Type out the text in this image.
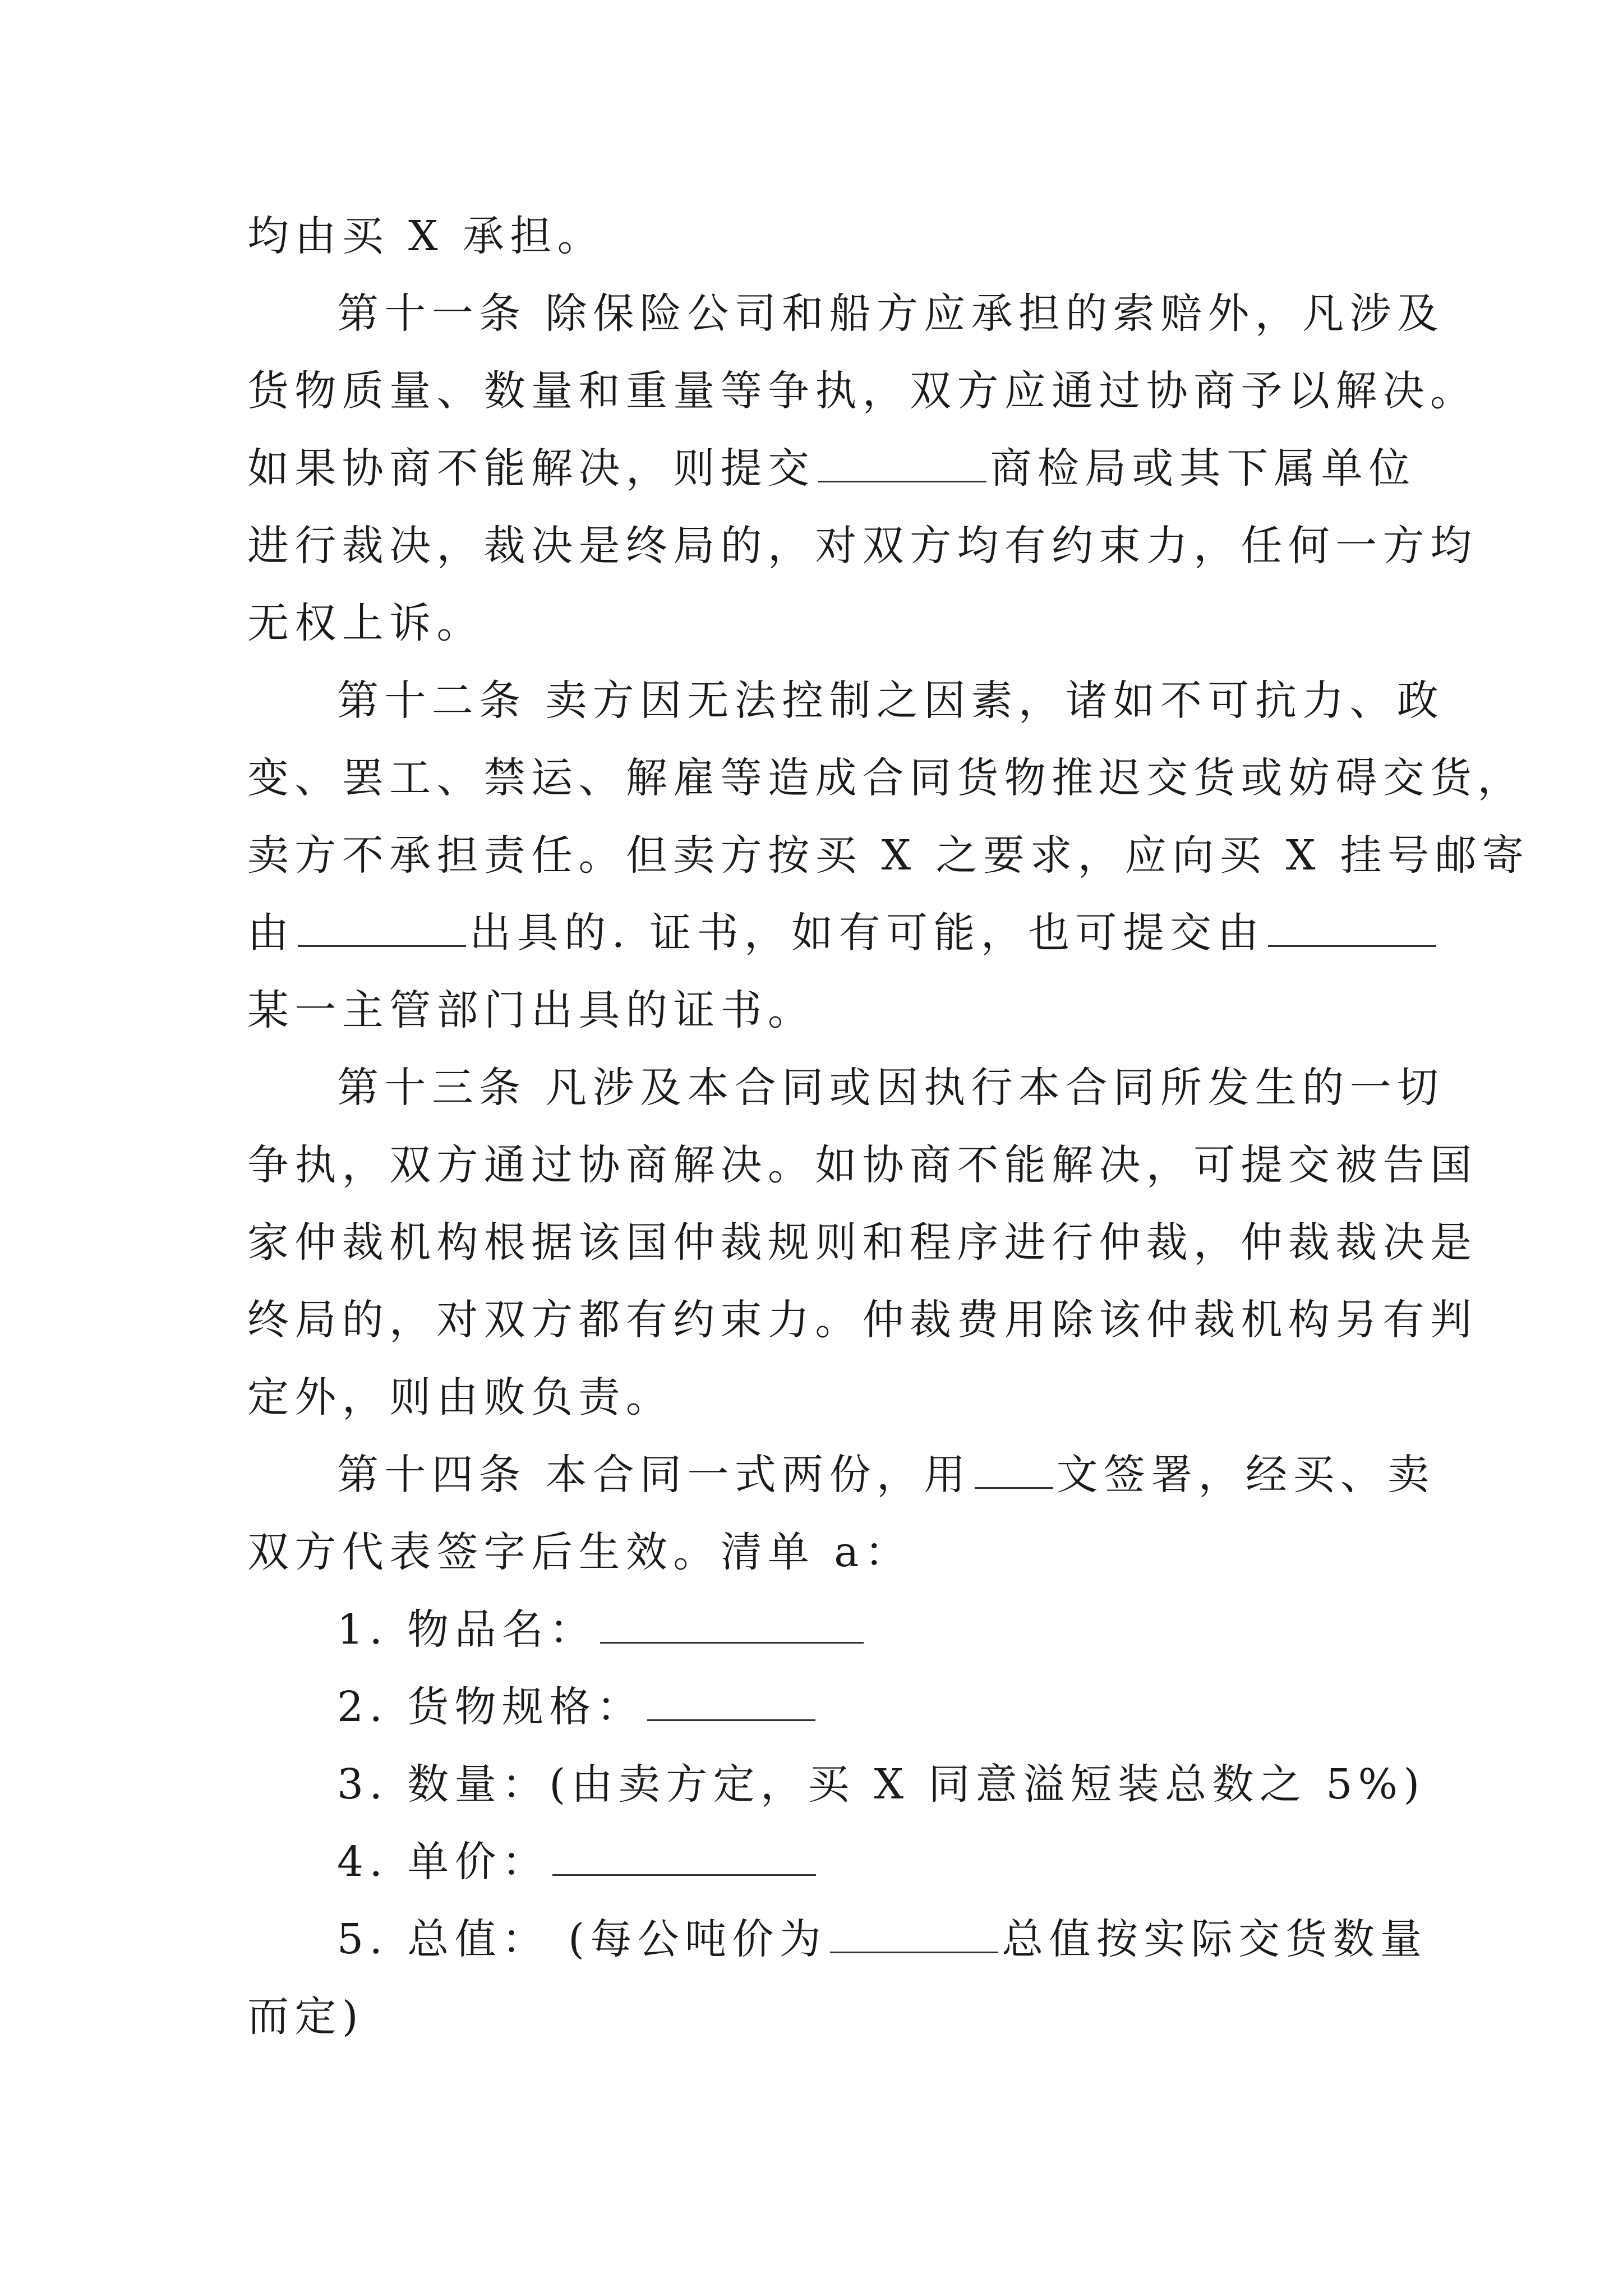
均由买 X 承担。
第十一条 除保险公司和船方应承担的索赔外，凡涉及
货物质量、数量和重量等争执，双方应通过协商予以解决。
如果协商不能解决，则提交	商检局或其下属单位
进行裁决，裁决是终局的，对双方均有约束力，任何一方均
无权上诉。
第十二条 卖方因无法控制之因素，诸如不可抗力、政
变、罢工、禁运、解雇等造成合同货物推迟交货或妨碍交货，
卖方不承担责任。但卖方按买 X 之要求，应向买 X 挂号邮寄
由	出具的. 证书，如有可能，也可提交由
某一主管部门出具的证书。
第十三条 凡涉及本合同或因执行本合同所发生的一切
争执，双方通过协商解决。如协商不能解决，可提交被告国
家仲裁机构根据该国仲裁规则和程序进行仲裁，仲裁裁决是
终局的，对双方都有约束力。仲裁费用除该仲裁机构另有判
定外，则由败负责。
第十四条 本合同一式两份，用 文签署，经买、卖
双方代表签字后生效。清单 a：
1. 物品名：
2. 货物规格：
3. 数量：(由卖方定，买 X 同意溢短装总数之 5%)
4. 单价：
5. 总值： (每公吨价为	总值按实际交货数量
而定)
